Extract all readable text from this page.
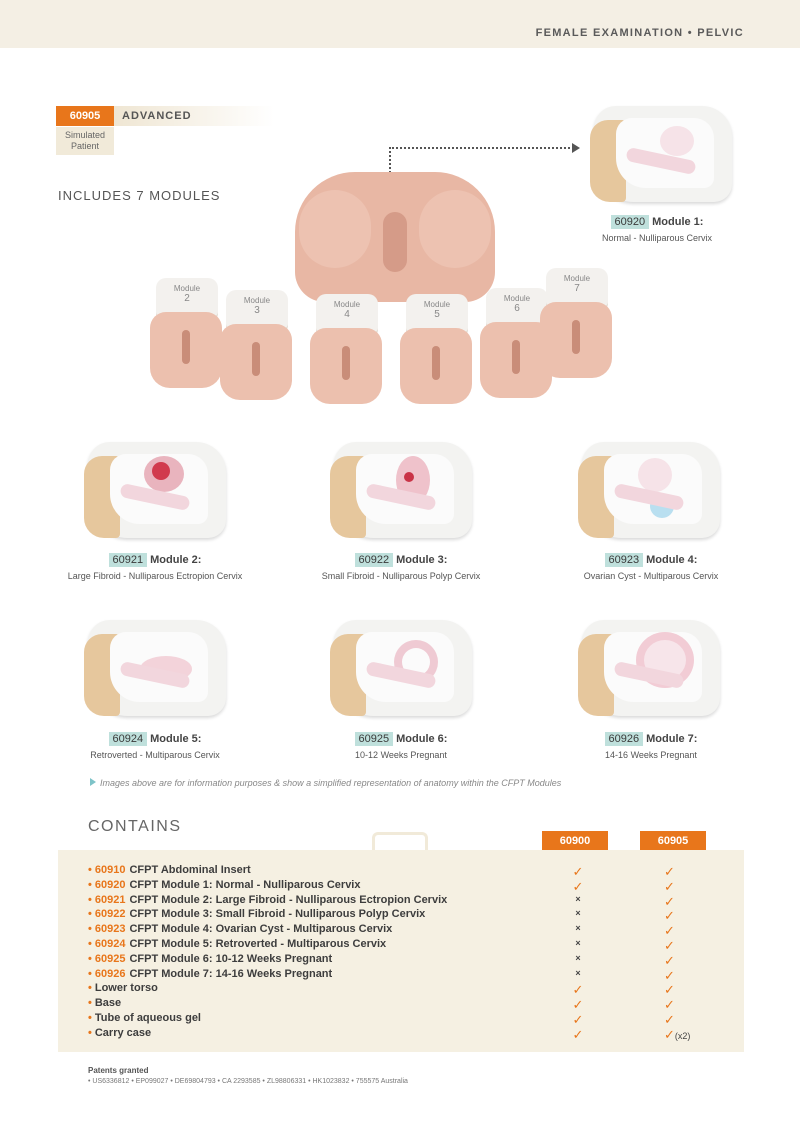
FEMALE EXAMINATION • PELVIC
60905	ADVANCED
Simulated Patient
INCLUDES 7 MODULES
Module
2	Module
3
Module
4
Module
5
Module
6
Module
7
60920 Module 1:
Normal - Nulliparous Cervix
60921 Module 2:
Large Fibroid - Nulliparous Ectropion Cervix
60922 Module 3:
Small Fibroid - Nulliparous Polyp Cervix
60923 Module 4:
Ovarian Cyst - Multiparous Cervix
60924 Module 5:
Retroverted - Multiparous Cervix
60925 Module 6:
10-12 Weeks Pregnant
60926 Module 7:
14-16 Weeks Pregnant
Images above are for information purposes & show a simplified representation of anatomy within the CFPT Modules
CONTAINS
60900	60905
• 60910 CFPT Abdominal Insert	✓	✓
• 60920 CFPT Module 1: Normal - Nulliparous Cervix	✓	✓
• 60921 CFPT Module 2: Large Fibroid - Nulliparous Ectropion Cervix	×	✓
• 60922 CFPT Module 3: Small Fibroid - Nulliparous Polyp Cervix	×	✓
• 60923 CFPT Module 4: Ovarian Cyst - Multiparous Cervix	×	✓
• 60924 CFPT Module 5: Retroverted - Multiparous Cervix	×	✓
• 60925 CFPT Module 6: 10-12 Weeks Pregnant	×	✓
• 60926 CFPT Module 7: 14-16 Weeks Pregnant	×	✓
• Lower torso	✓	✓
• Base	✓	✓
• Tube of aqueous gel	✓	✓
• Carry case	✓	✓(x2)
Patents granted
• US6336812 • EP099027 • DE69804793 • CA 2293585 • ZL98806331 • HK1023832 • 755575 Australia
